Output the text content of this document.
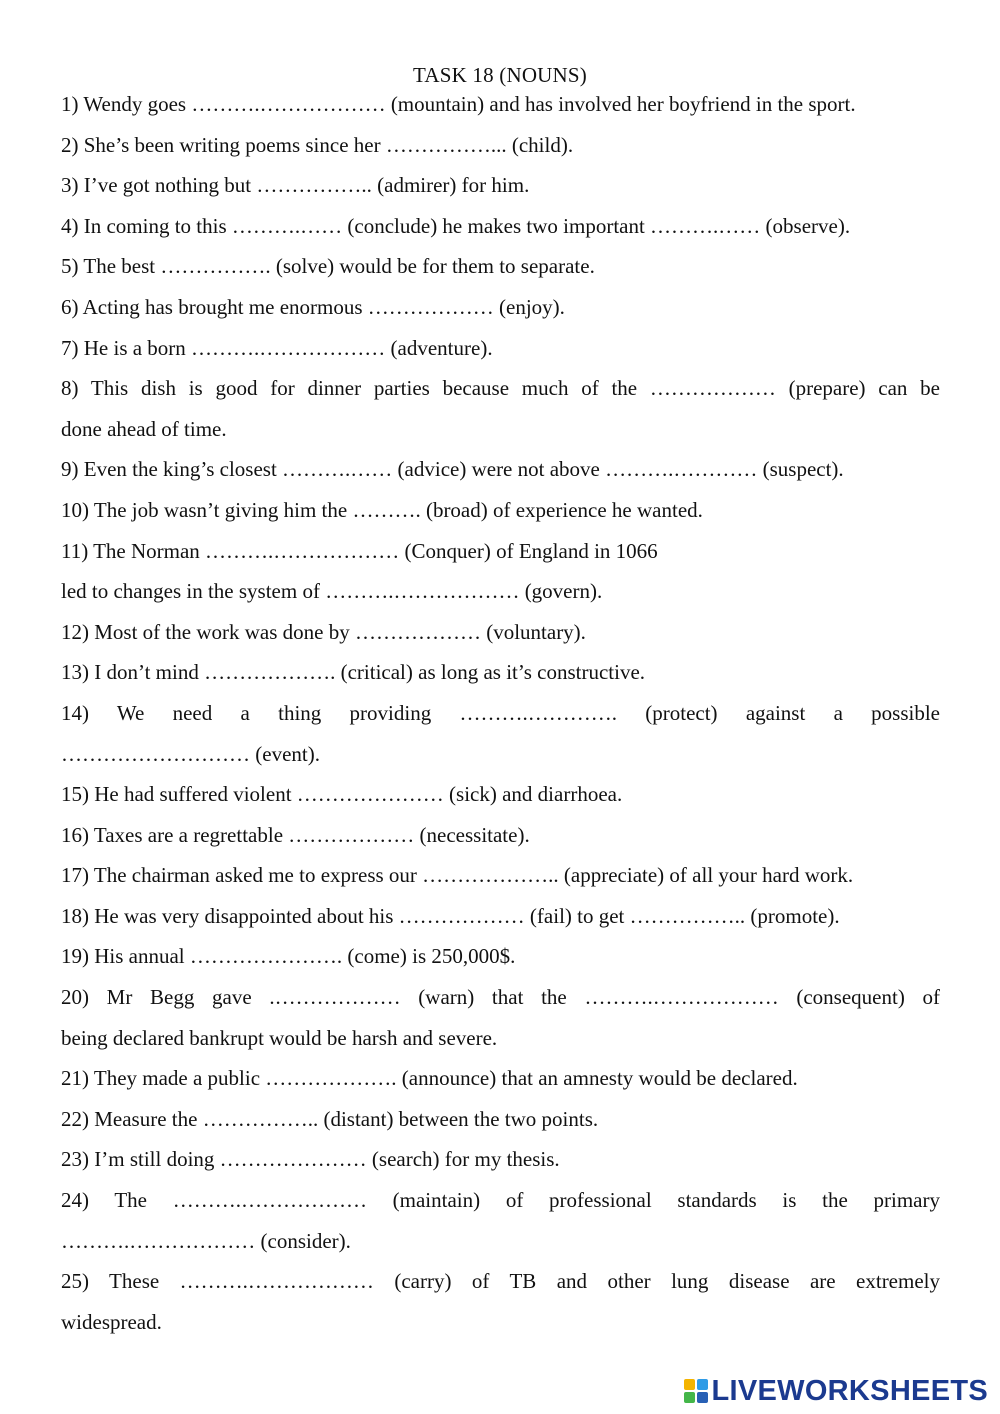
TASK 18 (NOUNS)
1) Wendy goes ……….……………… (mountain) and has involved her boyfriend in the sport.
2) She’s been writing poems since her ……………... (child).
3) I’ve got nothing but …………….. (admirer) for him.
4) In coming to this ……….…… (conclude) he makes two important ……….…… (observe).
5) The best ……………. (solve) would be for them to separate.
6) Acting has brought me enormous ……………… (enjoy).
7) He is a born ……….……………… (adventure).
8) This dish is good for dinner parties because much of the ……………… (prepare) can be
done ahead of time.
9) Even the king’s closest ……….…… (advice) were not above ……….………… (suspect).
10) The job wasn’t giving him the ………. (broad) of experience he wanted.
11) The Norman ……….……………… (Conquer) of England in 1066
led to changes in the system of ……….……………… (govern).
12) Most of the work was done by ……………… (voluntary).
13) I don’t mind ………………. (critical) as long as it’s constructive.
14) We need a thing providing ……….…………. (protect) against a possible
……………………… (event).
15) He had suffered violent ………………… (sick) and diarrhoea.
16) Taxes are a regrettable ……………… (necessitate).
17) The chairman asked me to express our ……………….. (appreciate) of all your hard work.
18) He was very disappointed about his ……………… (fail) to get …………….. (promote).
19) His annual …………………. (come) is 250,000$.
20) Mr Begg gave .……………… (warn) that the ……….……………… (consequent) of
being declared bankrupt would be harsh and severe.
21) They made a public ………………. (announce) that an amnesty would be declared.
22) Measure the …………….. (distant) between the two points.
23) I’m still doing ………………… (search) for my thesis.
24) The ……….……………… (maintain) of professional standards is the primary
……….……………… (consider).
25) These ……….……………… (carry) of TB and other lung disease are extremely
widespread.
LIVEWORKSHEETS
